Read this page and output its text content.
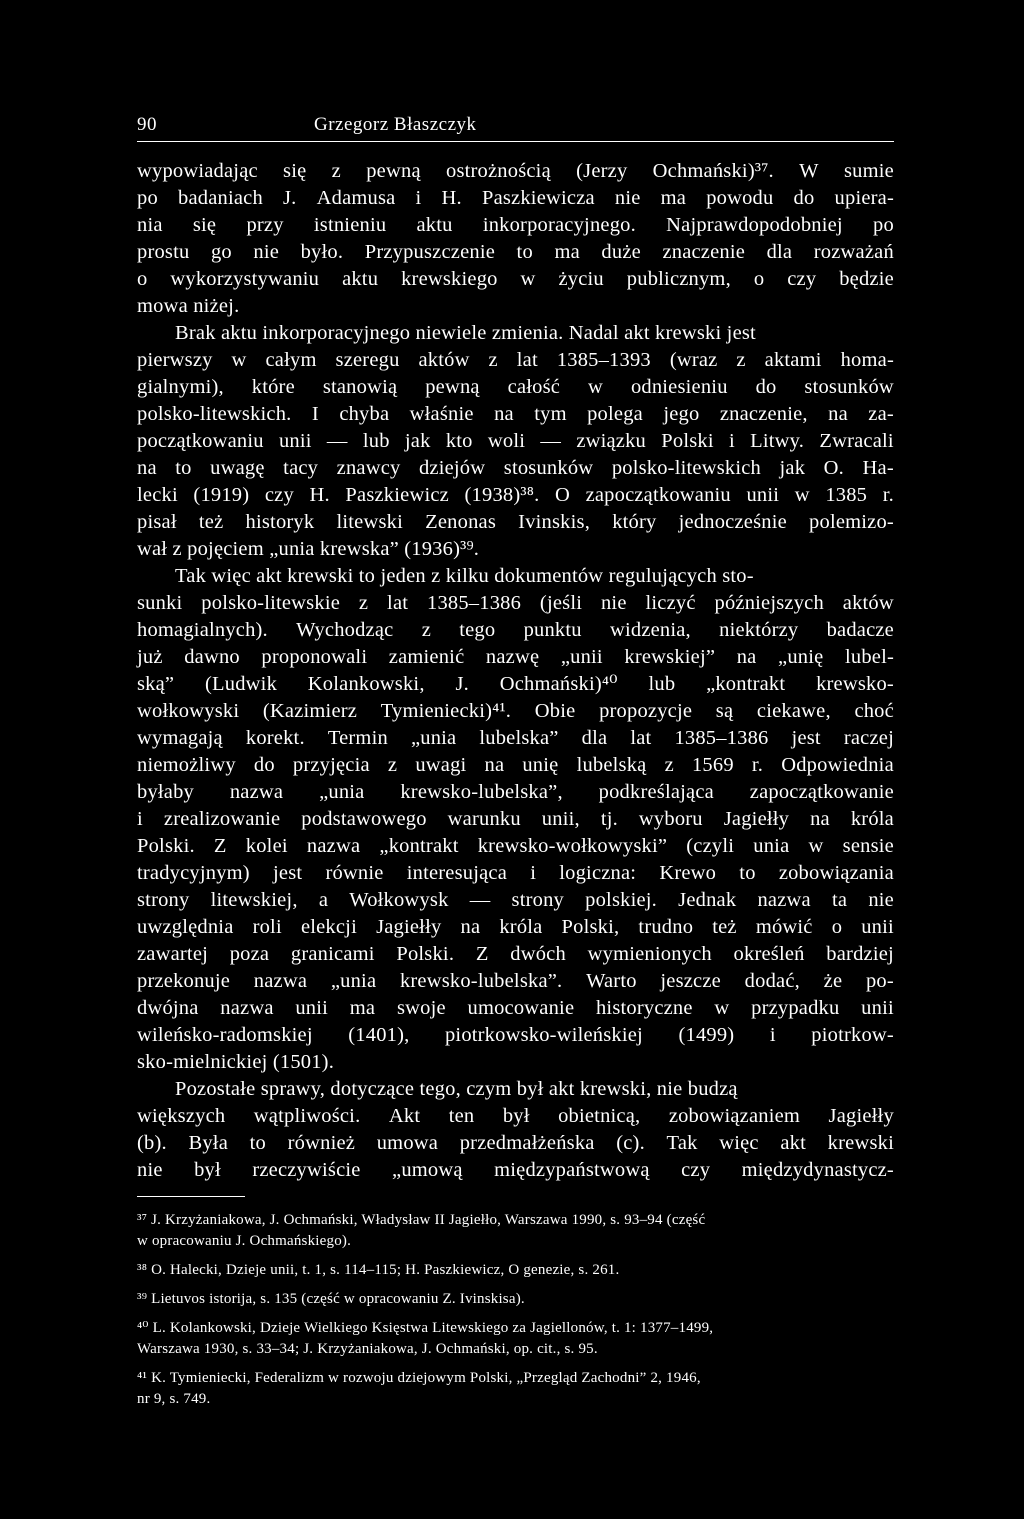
90	Grzegorz Błaszczyk
wypowiadając się z pewną ostrożnością (Jerzy Ochmański)³⁷. W sumie
po badaniach J. Adamusa i H. Paszkiewicza nie ma powodu do upiera-
nia się przy istnieniu aktu inkorporacyjnego. Najprawdopodobniej po
prostu go nie było. Przypuszczenie to ma duże znaczenie dla rozważań
o wykorzystywaniu aktu krewskiego w życiu publicznym, o czy będzie
mowa niżej.
Brak aktu inkorporacyjnego niewiele zmienia. Nadal akt krewski jest
pierwszy w całym szeregu aktów z lat 1385–1393 (wraz z aktami homa-
gialnymi), które stanowią pewną całość w odniesieniu do stosunków
polsko-litewskich. I chyba właśnie na tym polega jego znaczenie, na za-
początkowaniu unii — lub jak kto woli — związku Polski i Litwy. Zwracali
na to uwagę tacy znawcy dziejów stosunków polsko-litewskich jak O. Ha-
lecki (1919) czy H. Paszkiewicz (1938)³⁸. O zapoczątkowaniu unii w 1385 r.
pisał też historyk litewski Zenonas Ivinskis, który jednocześnie polemizo-
wał z pojęciem „unia krewska” (1936)³⁹.
Tak więc akt krewski to jeden z kilku dokumentów regulujących sto-
sunki polsko-litewskie z lat 1385–1386 (jeśli nie liczyć późniejszych aktów
homagialnych). Wychodząc z tego punktu widzenia, niektórzy badacze
już dawno proponowali zamienić nazwę „unii krewskiej” na „unię lubel-
ską” (Ludwik Kolankowski, J. Ochmański)⁴⁰ lub „kontrakt krewsko-
wołkowyski (Kazimierz Tymieniecki)⁴¹. Obie propozycje są ciekawe, choć
wymagają korekt. Termin „unia lubelska” dla lat 1385–1386 jest raczej
niemożliwy do przyjęcia z uwagi na unię lubelską z 1569 r. Odpowiednia
byłaby nazwa „unia krewsko-lubelska”, podkreślająca zapoczątkowanie
i zrealizowanie podstawowego warunku unii, tj. wyboru Jagiełły na króla
Polski. Z kolei nazwa „kontrakt krewsko-wołkowyski” (czyli unia w sensie
tradycyjnym) jest równie interesująca i logiczna: Krewo to zobowiązania
strony litewskiej, a Wołkowysk — strony polskiej. Jednak nazwa ta nie
uwzględnia roli elekcji Jagiełły na króla Polski, trudno też mówić o unii
zawartej poza granicami Polski. Z dwóch wymienionych określeń bardziej
przekonuje nazwa „unia krewsko-lubelska”. Warto jeszcze dodać, że po-
dwójna nazwa unii ma swoje umocowanie historyczne w przypadku unii
wileńsko-radomskiej (1401), piotrkowsko-wileńskiej (1499) i piotrkow-
sko-mielnickiej (1501).
Pozostałe sprawy, dotyczące tego, czym był akt krewski, nie budzą
większych wątpliwości. Akt ten był obietnicą, zobowiązaniem Jagiełły
(b). Była to również umowa przedmałżeńska (c). Tak więc akt krewski
nie był rzeczywiście „umową międzypaństwową czy międzydynastycz-
³⁷ J. Krzyżaniakowa, J. Ochmański, Władysław II Jagiełło, Warszawa 1990, s. 93–94 (część
w opracowaniu J. Ochmańskiego).
³⁸ O. Halecki, Dzieje unii, t. 1, s. 114–115; H. Paszkiewicz, O genezie, s. 261.
³⁹ Lietuvos istorija, s. 135 (część w opracowaniu Z. Ivinskisa).
⁴⁰ L. Kolankowski, Dzieje Wielkiego Księstwa Litewskiego za Jagiellonów, t. 1: 1377–1499,
Warszawa 1930, s. 33–34; J. Krzyżaniakowa, J. Ochmański, op. cit., s. 95.
⁴¹ K. Tymieniecki, Federalizm w rozwoju dziejowym Polski, „Przegląd Zachodni” 2, 1946,
nr 9, s. 749.
